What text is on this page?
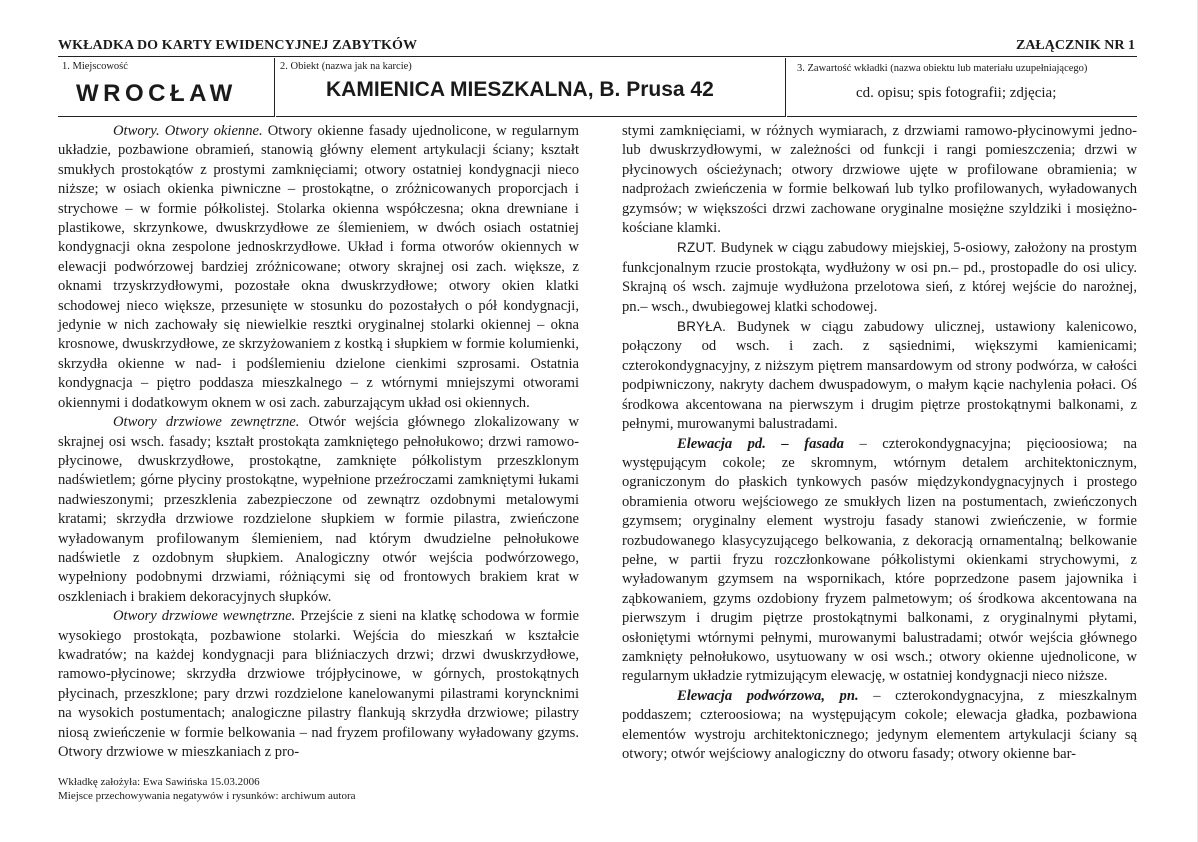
WKŁADKA DO KARTY EWIDENCYJNEJ ZABYTKÓW	ZAŁĄCZNIK NR 1
1. Miejscowość
WROCŁAW
2. Obiekt (nazwa jak na karcie)
KAMIENICA MIESZKALNA, B. Prusa 42
3. Zawartość wkładki (nazwa obiektu lub materiału uzupełniającego)
cd. opisu; spis fotografii; zdjęcia;

Otwory. Otwory okienne. Otwory okienne fasady ujednolicone, w regularnym układzie, pozbawione obramień, stanowią główny element artykulacji ściany; kształt smukłych prostokątów z prostymi zamknięciami; otwory ostatniej kondygnacji nieco niższe; w osiach okienka piwniczne – prostokątne, o zróżnicowanych proporcjach i strychowe – w formie półkolistej. Stolarka okienna współczesna; okna drewniane i plastikowe, skrzynkowe, dwuskrzydłowe ze ślemieniem, w dwóch osiach ostatniej kondygnacji okna zespolone jednoskrzydłowe. Układ i forma otworów okiennych w elewacji podwórzowej bardziej zróżnicowane; otwory skrajnej osi zach. większe, z oknami trzyskrzydłowymi, pozostałe okna dwuskrzydłowe; otwory okien klatki schodowej nieco większe, przesunięte w stosunku do pozostałych o pół kondygnacji, jedynie w nich zachowały się niewielkie resztki oryginalnej stolarki okiennej – okna krosnowe, dwuskrzydłowe, ze skrzyżowaniem z kostką i słupkiem w formie kolumienki, skrzydła okienne w nad- i podślemieniu dzielone cienkimi szprosami. Ostatnia kondygnacja – piętro poddasza mieszkalnego – z wtórnymi mniejszymi otworami okiennymi i dodatkowym oknem w osi zach. zaburzającym układ osi okiennych.

Otwory drzwiowe zewnętrzne. Otwór wejścia głównego zlokalizowany w skrajnej osi wsch. fasady; kształt prostokąta zamkniętego pełnołukowo; drzwi ramowo-płycinowe, dwuskrzydłowe, prostokątne, zamknięte półkolistym przeszklonym nadświetlem; górne płyciny prostokątne, wypełnione przeźroczami zamkniętymi łukami nadwieszonymi; przeszklenia zabezpieczone od zewnątrz ozdobnymi metalowymi kratami; skrzydła drzwiowe rozdzielone słupkiem w formie pilastra, zwieńczone wyładowanym profilowanym ślemieniem, nad którym dwudzielne pełnołukowe nadświetle z ozdobnym słupkiem. Analogiczny otwór wejścia podwórzowego, wypełniony podobnymi drzwiami, różniącymi się od frontowych brakiem krat w oszkleniach i brakiem dekoracyjnych słupków.

Otwory drzwiowe wewnętrzne. Przejście z sieni na klatkę schodowa w formie wysokiego prostokąta, pozbawione stolarki. Wejścia do mieszkań w kształcie kwadratów; na każdej kondygnacji para bliźniaczych drzwi; drzwi dwuskrzydłowe, ramowo-płycinowe; skrzydła drzwiowe trójpłycinowe, w górnych, prostokątnych płycinach, przeszklone; pary drzwi rozdzielone kanelowanymi pilastrami koryncknimi na wysokich postumentach; analogiczne pilastry flankują skrzydła drzwiowe; pilastry niosą zwieńczenie w formie belkowania – nad fryzem profilowany wyładowany gzyms. Otwory drzwiowe w mieszkaniach z pro-

stymi zamknięciami, w różnych wymiarach, z drzwiami ramowo-płycinowymi jedno- lub dwuskrzydłowymi, w zależności od funkcji i rangi pomieszczenia; drzwi w płycinowych ościeżynach; otwory drzwiowe ujęte w profilowane obramienia; w nadprożach zwieńczenia w formie belkowań lub tylko profilowanych, wyładowanych gzymsów; w większości drzwi zachowane oryginalne mosiężne szyldziki i mosiężno-kościane klamki.

RZUT. Budynek w ciągu zabudowy miejskiej, 5-osiowy, założony na prostym funkcjonalnym rzucie prostokąta, wydłużony w osi pn.– pd., prostopadle do osi ulicy. Skrajną oś wsch. zajmuje wydłużona przelotowa sień, z której wejście do narożnej, pn.– wsch., dwubiegowej klatki schodowej.

BRYŁA. Budynek w ciągu zabudowy ulicznej, ustawiony kalenicowo, połączony od wsch. i zach. z sąsiednimi, większymi kamienicami; czterokondygnacyjny, z niższym piętrem mansardowym od strony podwórza, w całości podpiwniczony, nakryty dachem dwuspadowym, o małym kącie nachylenia połaci. Oś środkowa akcentowana na pierwszym i drugim piętrze prostokątnymi balkonami, z pełnymi, murowanymi balustradami.

Elewacja pd. – fasada – czterokondygnacyjna; pięcioosiowa; na występującym cokole; ze skromnym, wtórnym detalem architektonicznym, ograniczonym do płaskich tynkowych pasów międzykondygnacyjnych i prostego obramienia otworu wejściowego ze smukłych lizen na postumentach, zwieńczonych gzymsem; oryginalny element wystroju fasady stanowi zwieńczenie, w formie rozbudowanego klasycyzującego belkowania, z dekoracją ornamentalną; belkowanie pełne, w partii fryzu rozczłonkowane półkolistymi okienkami strychowymi, z wyładowanym gzymsem na wspornikach, które poprzedzone pasem jajownika i ząbkowaniem, gzyms ozdobiony fryzem palmetowym; oś środkowa akcentowana na pierwszym i drugim piętrze prostokątnymi balkonami, z oryginalnymi płytami, osłoniętymi wtórnymi pełnymi, murowanymi balustradami; otwór wejścia głównego zamknięty pełnołukowo, usytuowany w osi wsch.; otwory okienne ujednolicone, w regularnym układzie rytmizującym elewację, w ostatniej kondygnacji nieco niższe.

Elewacja podwórzowa, pn. – czterokondygnacyjna, z mieszkalnym poddaszem; czteroosiowa; na występującym cokole; elewacja gładka, pozbawiona elementów wystroju architektonicznego; jedynym elementem artykulacji ściany są otwory; otwór wejściowy analogiczny do otworu fasady; otwory okienne bar-

Wkładkę założyła: Ewa Sawińska 15.03.2006
Miejsce przechowywania negatywów i rysunków: archiwum autora
